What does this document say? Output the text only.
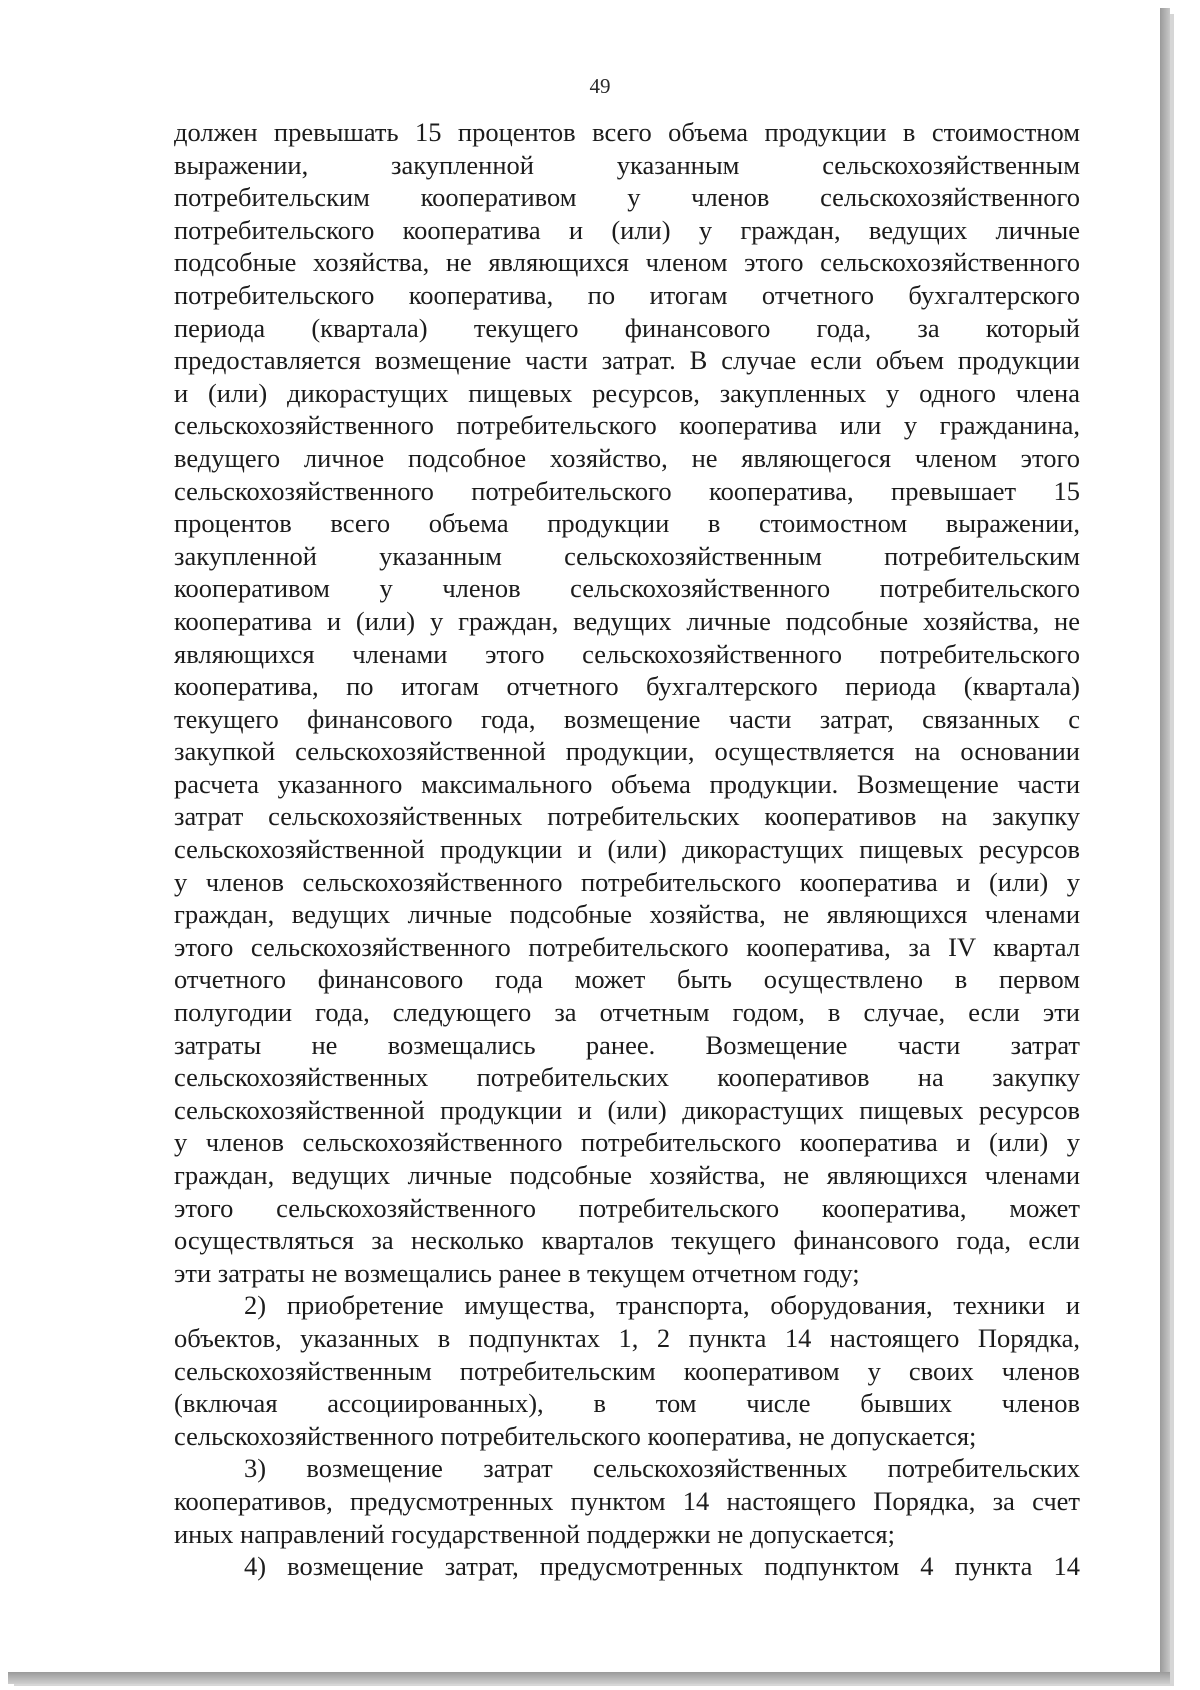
49
должен превышать 15 процентов всего объема продукции в стоимостном
выражении, закупленной указанным сельскохозяйственным
потребительским кооперативом у членов сельскохозяйственного
потребительского кооператива и (или) у граждан, ведущих личные
подсобные хозяйства, не являющихся членом этого сельскохозяйственного
потребительского кооператива, по итогам отчетного бухгалтерского
периода (квартала) текущего финансового года, за который
предоставляется возмещение части затрат. В случае если объем продукции
и (или) дикорастущих пищевых ресурсов, закупленных у одного члена
сельскохозяйственного потребительского кооператива или у гражданина,
ведущего личное подсобное хозяйство, не являющегося членом этого
сельскохозяйственного потребительского кооператива, превышает 15
процентов всего объема продукции в стоимостном выражении,
закупленной указанным сельскохозяйственным потребительским
кооперативом у членов сельскохозяйственного потребительского
кооператива и (или) у граждан, ведущих личные подсобные хозяйства, не
являющихся членами этого сельскохозяйственного потребительского
кооператива, по итогам отчетного бухгалтерского периода (квартала)
текущего финансового года, возмещение части затрат, связанных с
закупкой сельскохозяйственной продукции, осуществляется на основании
расчета указанного максимального объема продукции. Возмещение части
затрат сельскохозяйственных потребительских кооперативов на закупку
сельскохозяйственной продукции и (или) дикорастущих пищевых ресурсов
у членов сельскохозяйственного потребительского кооператива и (или) у
граждан, ведущих личные подсобные хозяйства, не являющихся членами
этого сельскохозяйственного потребительского кооператива, за IV квартал
отчетного финансового года может быть осуществлено в первом
полугодии года, следующего за отчетным годом, в случае, если эти
затраты не возмещались ранее. Возмещение части затрат
сельскохозяйственных потребительских кооперативов на закупку
сельскохозяйственной продукции и (или) дикорастущих пищевых ресурсов
у членов сельскохозяйственного потребительского кооператива и (или) у
граждан, ведущих личные подсобные хозяйства, не являющихся членами
этого сельскохозяйственного потребительского кооператива, может
осуществляться за несколько кварталов текущего финансового года, если
эти затраты не возмещались ранее в текущем отчетном году;
2) приобретение имущества, транспорта, оборудования, техники и
объектов, указанных в подпунктах 1, 2 пункта 14 настоящего Порядка,
сельскохозяйственным потребительским кооперативом у своих членов
(включая ассоциированных), в том числе бывших членов
сельскохозяйственного потребительского кооператива, не допускается;
3) возмещение затрат сельскохозяйственных потребительских
кооперативов, предусмотренных пунктом 14 настоящего Порядка, за счет
иных направлений государственной поддержки не допускается;
4) возмещение затрат, предусмотренных подпунктом 4 пункта 14
